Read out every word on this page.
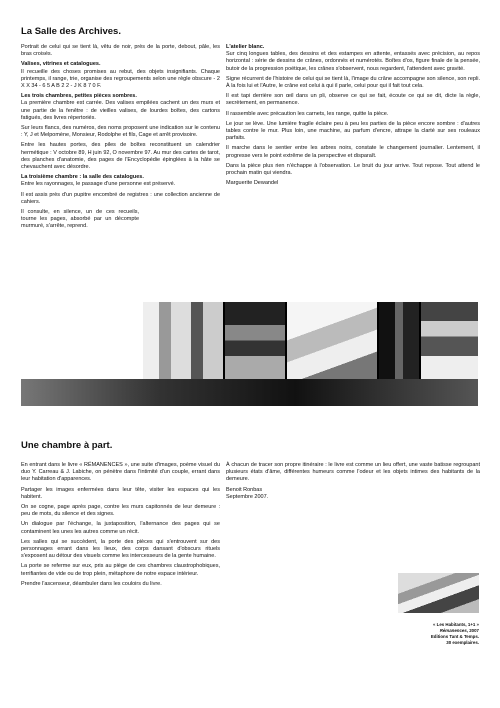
La Salle des Archives.

Portrait de celui qui se tient là, vêtu de noir, près de la porte, debout, pâle, les bras croisés.

Valises, vitrines et catalogues.

Il recueille des choses promises au rebut, des objets insignifiants. Chaque printemps, il range, trie, organise des regroupements selon une règle obscure - 2 X X 34 - 6 5 A B 2 2 - J K 8 7 0 F.

Les trois chambres, petites pièces sombres.

La première chambre est carrée. Des valises empilées cachent un des murs et une partie de la fenêtre : de vieilles valises, de lourdes boîtes, des cartons fatigués, des livres répertoriés.

Sur leurs flancs, des numéros, des noms proposent une indication sur le contenu : Y, J et Melpomène, Monsieur, Rodolphe et fils, Cage et arrêt provisoire.

Entre les hautes portes, des piles de boîtes reconstituent un calendrier hermétique : V octobre 89, H juin 92, O novembre 97. Au mur des cartes de tarot, des planches d'anatomie, des pages de l'Encyclopédie épinglées à la hâte se chevauchent avec désordre.

La troisième chambre : la salle des catalogues.

Entre les rayonnages, le passage d'une personne est préservé.

Il est assis près d'un pupitre encombré de registres : une collection ancienne de cahiers.

Il consulte, en silence, un de ces recueils, tourne les pages, absorbé par un décompte murmuré, s'arrête, reprend.

L'atelier blanc.

Sur cinq longues tables, des dessins et des estampes en attente, entassés avec précision, au repos horizontal : série de dessins de crânes, ordonnés et numérotés. Boîtes d'os, figure finale de la pensée, butoir de la progression poétique, les crânes s'observent, nous regardent, l'attendent avec gravité.

Signe récurrent de l'histoire de celui qui se tient là, l'image du crâne accompagne son silence, son repli. À la fois lui et l'Autre, le crâne est celui à qui il parle, celui pour qui il fait tout cela.

Il est tapi derrière son œil dans un pli, observe ce qui se fait, écoute ce qui se dit, dicte la règle, secrètement, en permanence.

Il rassemble avec précaution les carnets, les range, quitte la pièce.

Le jour se lève. Une lumière fragile éclaire peu à peu les parties de la pièce encore sombre : d'autres tables contre le mur. Plus loin, une machine, au parfum d'encre, attrape la clarté sur ses rouleaux parfaits.

Il marche dans le sentier entre les arbres noirs, constate le changement journalier. Lentement, il progresse vers le point extrême de la perspective et disparaît.

Dans la pièce plus rien n'échappe à l'observation. Le bruit du jour arrive. Tout repose. Tout attend le prochain matin qui viendra.

Marguerite Dewandel

Une chambre à part.

En entrant dans le livre « RÉMANENCES », une suite d'images, poème visuel du duo Y. Carreau & J. Labiche, on pénètre dans l'intimité d'un couple, errant dans leur habitation d'apparences.

Partager les images enfermées dans leur tête, visiter les espaces qui les habitent.

On se cogne, page après page, contre les murs capitonnés de leur demeure : peu de mots, du silence et des signes.

Un dialogue par l'échange, la juxtaposition, l'alternance des pages qui se contaminent les unes les autres comme un récit.

Les salles qui se succèdent, la porte des pièces qui s'entrouvent sur des personnages errant dans les lieux, des corps dansant d'obscurs rituels s'exposent au détour des visuels comme les intercesseurs de la gente humaine.

La porte se referme sur eux, pris au piège de ces chambres claustrophobiques, terrifiantes de vide ou de trop plein, métaphore de notre espace intérieur.

Prendre l'ascenseur, déambuler dans les couloirs du livre.

À chacun de tracer son propre itinéraire : le livre est comme un lieu offert, une vaste batisse regroupant plusieurs états d'âme, différentes humeurs comme l'odeur et les objets intimes des habitants de la demeure.

Benoit Ronbas

Septembre 2007.

« Les Habitants, 1+1 »
Rémanences, 2007
Editions Tant & Temps.
30 exemplaires.
